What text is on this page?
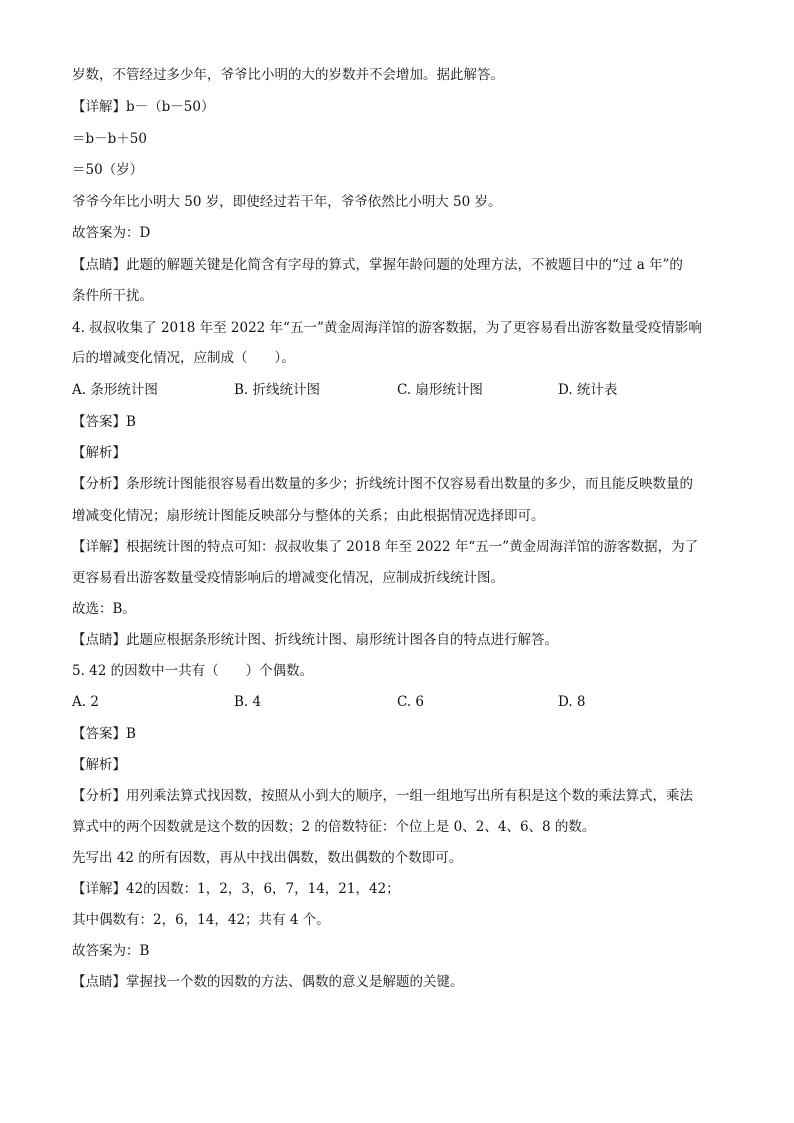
岁数，不管经过多少年，爷爷比小明的大的岁数并不会增加。据此解答。
【详解】b－（b－50）
＝b－b＋50
＝50（岁）
爷爷今年比小明大 50 岁，即使经过若干年，爷爷依然比小明大 50 岁。
故答案为：D
【点睛】此题的解题关键是化简含有字母的算式，掌握年龄问题的处理方法，不被题目中的“过 a 年”的
条件所干扰。
4. 叔叔收集了 2018 年至 2022 年“五一”黄金周海洋馆的游客数据，为了更容易看出游客数量受疫情影响
后的增减变化情况，应制成（　　）。
A. 条形统计图	B. 折线统计图	C. 扇形统计图	D. 统计表
【答案】B
【解析】
【分析】条形统计图能很容易看出数量的多少；折线统计图不仅容易看出数量的多少，而且能反映数量的
增减变化情况；扇形统计图能反映部分与整体的关系；由此根据情况选择即可。
【详解】根据统计图的特点可知：叔叔收集了 2018 年至 2022 年“五一”黄金周海洋馆的游客数据，为了
更容易看出游客数量受疫情影响后的增减变化情况，应制成折线统计图。
故选：B。
【点睛】此题应根据条形统计图、折线统计图、扇形统计图各自的特点进行解答。
5. 42 的因数中一共有（　　）个偶数。
A. 2	B. 4	C. 6	D. 8
【答案】B
【解析】
【分析】用列乘法算式找因数，按照从小到大的顺序，一组一组地写出所有积是这个数的乘法算式，乘法
算式中的两个因数就是这个数的因数；2 的倍数特征：个位上是 0、2、4、6、8 的数。
先写出 42 的所有因数，再从中找出偶数，数出偶数的个数即可。
【详解】42的因数：1，2，3，6，7，14，21，42；
其中偶数有：2，6，14，42；共有 4 个。
故答案为：B
【点睛】掌握找一个数的因数的方法、偶数的意义是解题的关键。
